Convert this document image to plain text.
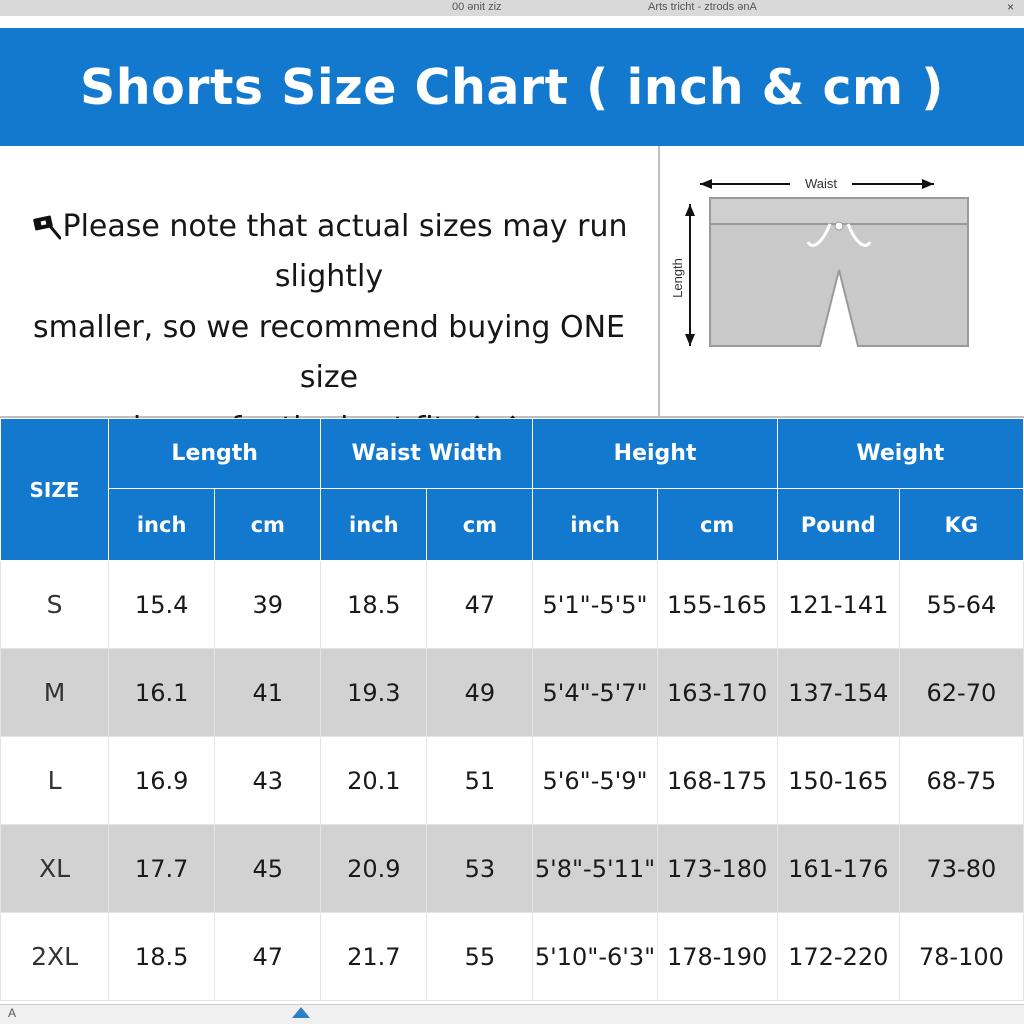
00 ənit ziz	Arts tricht - ztrods ənA	×
Shorts Size Chart ( inch & cm )
Please note that actual sizes may run slightly
smaller, so we recommend buying ONE size
Waist
Length
SIZE	Length		Waist Width		Height		Weight	
	inch	cm	inch	cm	inch	cm	Pound	KG
S	15.4	39	18.5	47	5'1"-5'5"	155-165	121-141	55-64
M	16.1	41	19.3	49	5'4"-5'7"	163-170	137-154	62-70
L	16.9	43	20.1	51	5'6"-5'9"	168-175	150-165	68-75
XL	17.7	45	20.9	53	5'8"-5'11"	173-180	161-176	73-80
2XL	18.5	47	21.7	55	5'10"-6'3"	178-190	172-220	78-100
A
